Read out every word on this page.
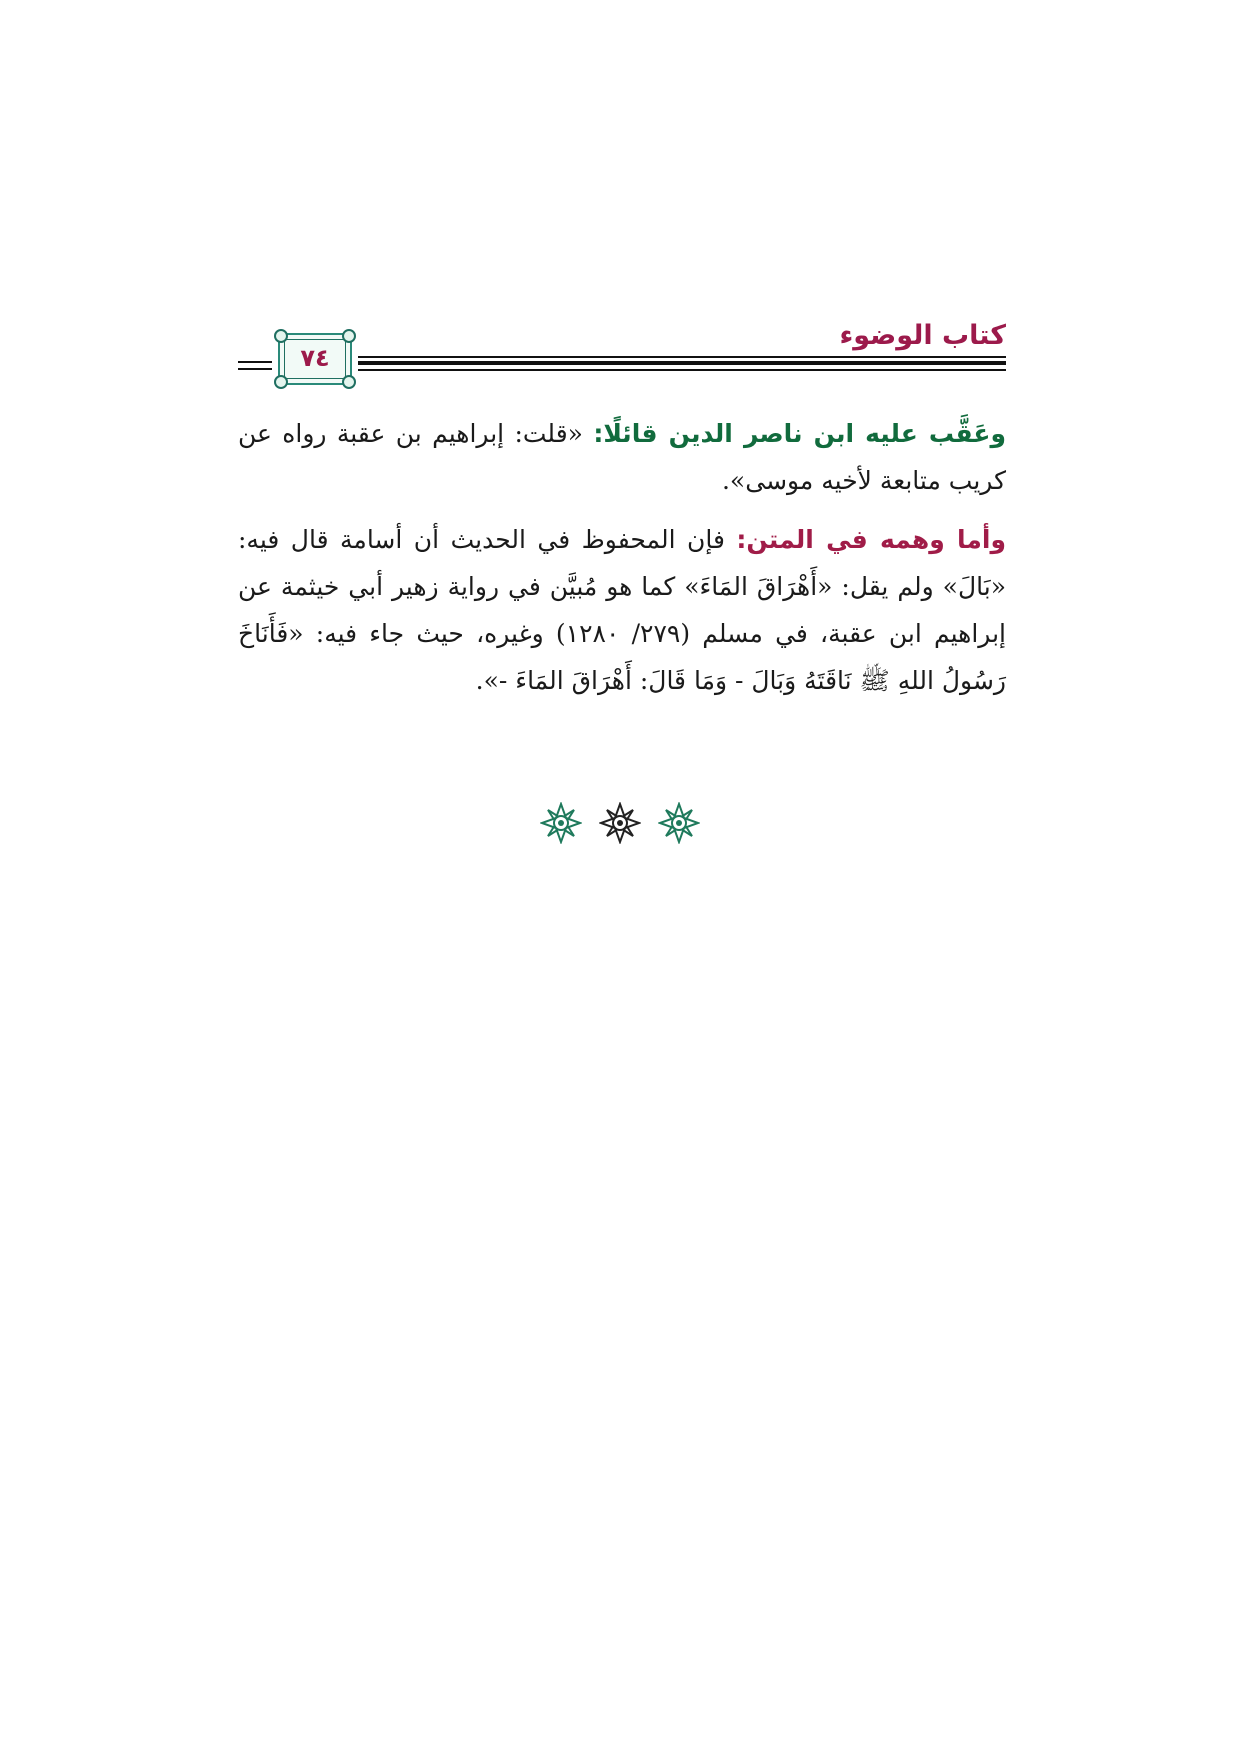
كتاب الوضوء
٧٤

وعَقَّب عليه ابن ناصر الدين قائلًا: «قلت: إبراهيم بن عقبة رواه عن كريب متابعة لأخيه موسى».

وأما وهمه في المتن: فإن المحفوظ في الحديث أن أسامة قال فيه: «بَالَ» ولم يقل: «أَهْرَاقَ المَاءَ» كما هو مُبيَّن في رواية زهير أبي خيثمة عن إبراهيم ابن عقبة، في مسلم (٢٧٩/ ١٢٨٠) وغيره، حيث جاء فيه: «فَأَنَاخَ رَسُولُ اللهِ ﷺ نَاقَتَهُ وَبَالَ - وَمَا قَالَ: أَهْرَاقَ المَاءَ -».
